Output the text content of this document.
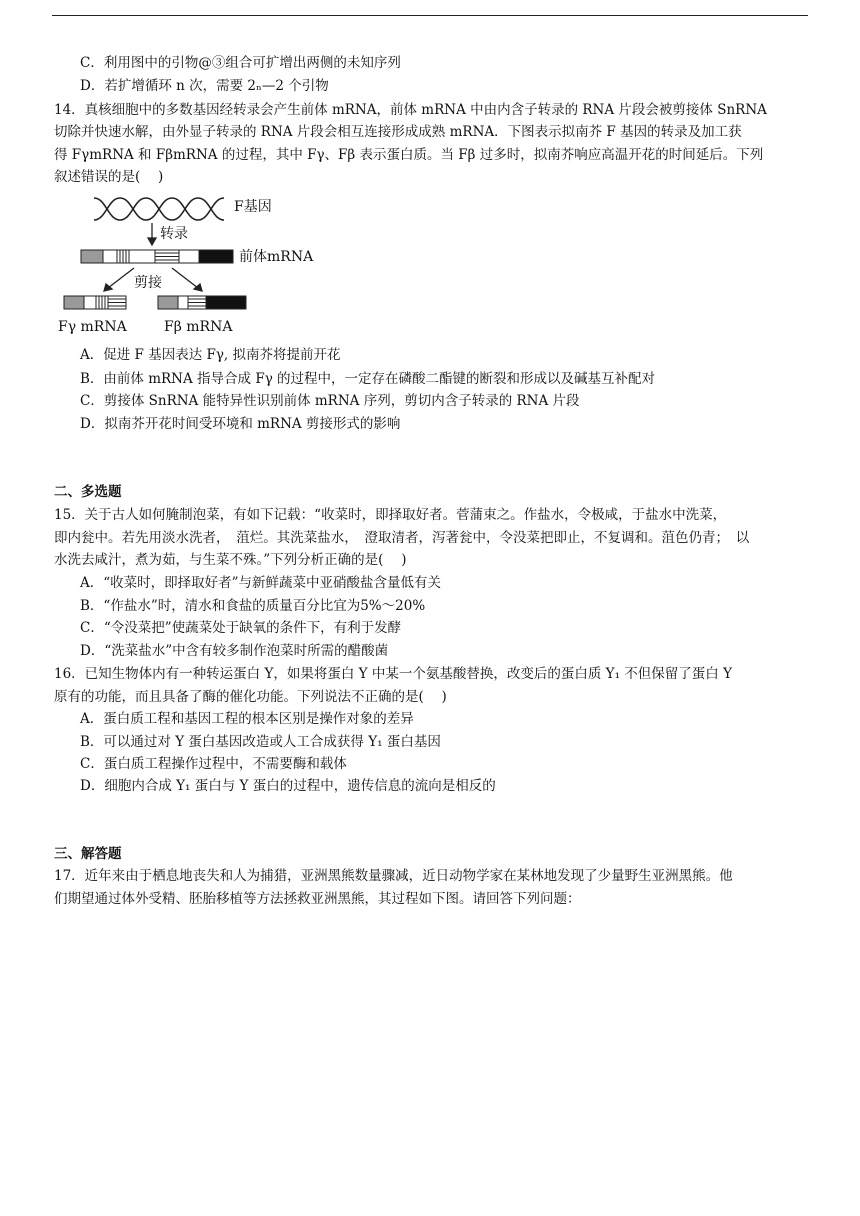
C．利用图中的引物@③组合可扩增出两侧的未知序列
D．若扩增循环 n 次，需要 2ₙ—2 个引物
14．真核细胞中的多数基因经转录会产生前体 mRNA，前体 mRNA 中由内含子转录的 RNA 片段会被剪接体 SnRNA
切除并快速水解，由外显子转录的 RNA 片段会相互连接形成成熟 mRNA．下图表示拟南芥 F 基因的转录及加工获
得 FγmRNA 和 FβmRNA 的过程，其中 Fγ、Fβ 表示蛋白质。当 Fβ 过多时，拟南芥响应高温开花的时间延后。下列
叙述错误的是(　 )
F基因
转录
前体mRNA
剪接
Fγ mRNA	Fβ mRNA
A．促进 F 基因表达 Fγ, 拟南芥将提前开花
B．由前体 mRNA 指导合成 Fγ 的过程中，一定存在磷酸二酯键的断裂和形成以及碱基互补配对
C．剪接体 SnRNA 能特异性识别前体 mRNA 序列，剪切内含子转录的 RNA 片段
D．拟南芥开花时间受环境和 mRNA 剪接形式的影响
二、多选题
15．关于古人如何腌制泡菜，有如下记载：“收菜时，即择取好者。菅蒲束之。作盐水，令极咸，于盐水中洗菜，
即内瓮中。若先用淡水洗者，　菹烂。其洗菜盐水，　澄取清者，泻著瓮中，令没菜把即止，不复调和。菹色仍青；　以
水洗去咸汁，煮为茹，与生菜不殊。”下列分析正确的是(　 )
A．“收菜时，即择取好者”与新鲜蔬菜中亚硝酸盐含量低有关
B．“作盐水”时，清水和食盐的质量百分比宜为5%～20%
C．“令没菜把”使蔬菜处于缺氧的条件下，有利于发酵
D．“洗菜盐水”中含有较多制作泡菜时所需的醋酸菌
16．已知生物体内有一种转运蛋白 Y，如果将蛋白 Y 中某一个氨基酸替换，改变后的蛋白质 Y₁ 不但保留了蛋白 Y
原有的功能，而且具备了酶的催化功能。下列说法不正确的是(　 )
A．蛋白质工程和基因工程的根本区别是操作对象的差异
B．可以通过对 Y 蛋白基因改造或人工合成获得 Y₁ 蛋白基因
C．蛋白质工程操作过程中，不需要酶和载体
D．细胞内合成 Y₁ 蛋白与 Y 蛋白的过程中，遗传信息的流向是相反的
三、解答题
17．近年来由于栖息地丧失和人为捕猎，亚洲黑熊数量骤减，近日动物学家在某林地发现了少量野生亚洲黑熊。他
们期望通过体外受精、胚胎移植等方法拯救亚洲黑熊，其过程如下图。请回答下列问题：
